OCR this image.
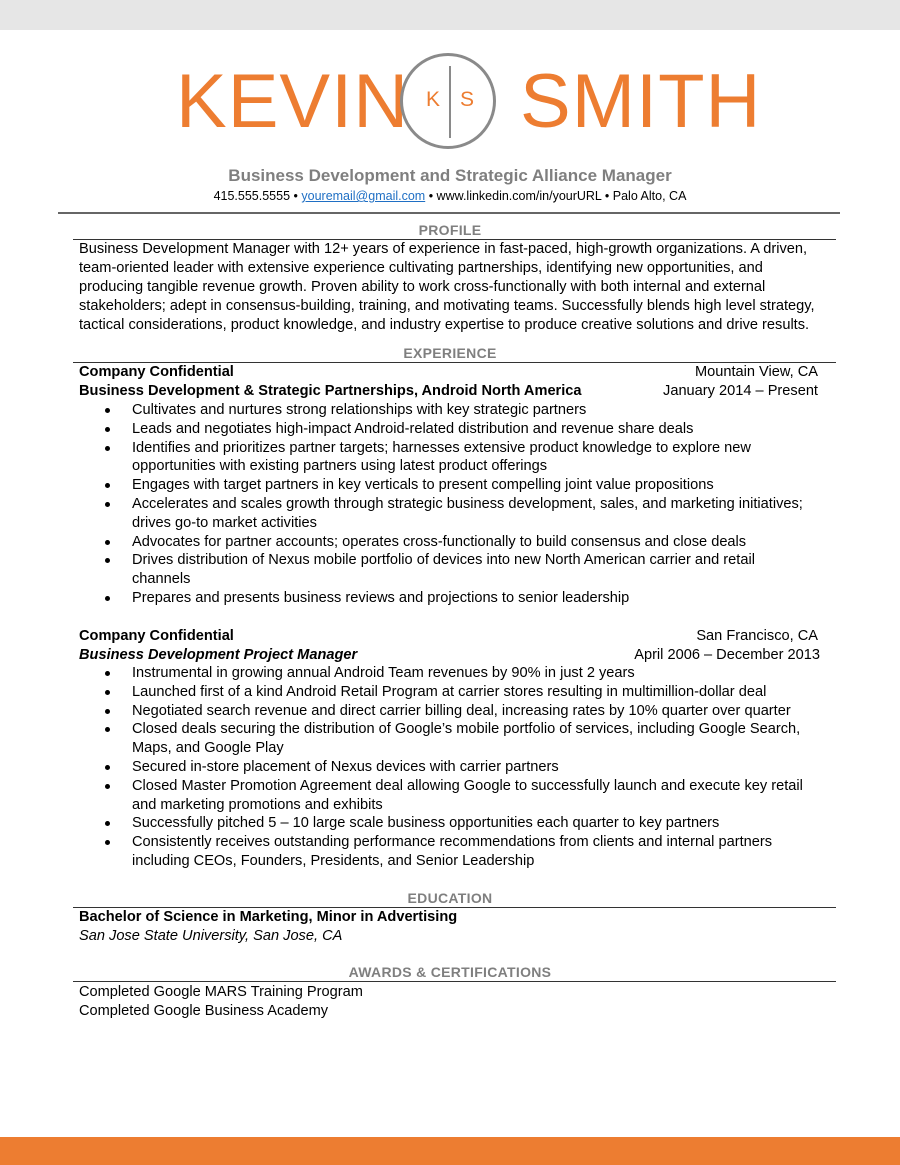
KEVIN K S SMITH
Business Development and Strategic Alliance Manager
415.555.5555 • youremail@gmail.com • www.linkedin.com/in/yourURL • Palo Alto, CA
PROFILE
Business Development Manager with 12+ years of experience in fast-paced, high-growth organizations. A driven, team-oriented leader with extensive experience cultivating partnerships, identifying new opportunities, and producing tangible revenue growth. Proven ability to work cross-functionally with both internal and external stakeholders; adept in consensus-building, training, and motivating teams. Successfully blends high level strategy, tactical considerations, product knowledge, and industry expertise to produce creative solutions and drive results.
EXPERIENCE
Company Confidential	Mountain View, CA
Business Development & Strategic Partnerships, Android North America	January 2014 – Present
Cultivates and nurtures strong relationships with key strategic partners
Leads and negotiates high-impact Android-related distribution and revenue share deals
Identifies and prioritizes partner targets; harnesses extensive product knowledge to explore new opportunities with existing partners using latest product offerings
Engages with target partners in key verticals to present compelling joint value propositions
Accelerates and scales growth through strategic business development, sales, and marketing initiatives; drives go-to market activities
Advocates for partner accounts; operates cross-functionally to build consensus and close deals
Drives distribution of Nexus mobile portfolio of devices into new North American carrier and retail channels
Prepares and presents business reviews and projections to senior leadership
Company Confidential	San Francisco, CA
Business Development Project Manager	April 2006 – December 2013
Instrumental in growing annual Android Team revenues by 90% in just 2 years
Launched first of a kind Android Retail Program at carrier stores resulting in multimillion-dollar deal
Negotiated search revenue and direct carrier billing deal, increasing rates by 10% quarter over quarter
Closed deals securing the distribution of Google’s mobile portfolio of services, including Google Search, Maps, and Google Play
Secured in-store placement of Nexus devices with carrier partners
Closed Master Promotion Agreement deal allowing Google to successfully launch and execute key retail and marketing promotions and exhibits
Successfully pitched 5 – 10 large scale business opportunities each quarter to key partners
Consistently receives outstanding performance recommendations from clients and internal partners including CEOs, Founders, Presidents, and Senior Leadership
EDUCATION
Bachelor of Science in Marketing, Minor in Advertising
San Jose State University, San Jose, CA
AWARDS & CERTIFICATIONS
Completed Google MARS Training Program
Completed Google Business Academy
